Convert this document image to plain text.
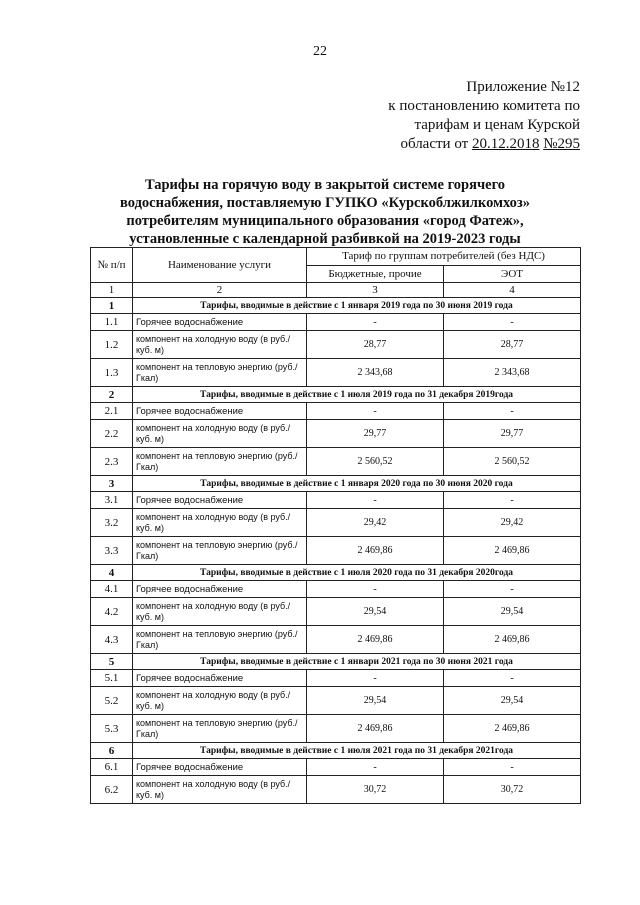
22
Приложение №12
к постановлению комитета по
тарифам и ценам Курской
области от 20.12.2018 №295
Тарифы на горячую воду в закрытой системе горячего
водоснабжения, поставляемую ГУПКО «Курскоблжилкомхоз»
потребителям муниципального образования «город Фатеж»,
установленные с календарной разбивкой на 2019-2023 годы
№ п/п	Наименование услуги	Тариф по группам потребителей (без НДС)	
		Бюджетные, прочие	ЭОТ
1	2	3	4
1	Тарифы, вводимые в действие с 1 января 2019 года по 30 июня 2019 года		
1.1	Горячее водоснабжение	-	-
1.2	компонент на холодную воду (в руб./куб. м)	28,77	28,77
1.3	компонент на тепловую энергию (руб./Гкал)	2 343,68	2 343,68
2	Тарифы, вводимые в действие с 1 июля 2019 года по 31 декабря 2019года		
2.1	Горячее водоснабжение	-	-
2.2	компонент на холодную воду (в руб./куб. м)	29,77	29,77
2.3	компонент на тепловую энергию (руб./Гкал)	2 560,52	2 560,52
3	Тарифы, вводимые в действие с 1 января 2020 года по 30 июня 2020 года		
3.1	Горячее водоснабжение	-	-
3.2	компонент на холодную воду (в руб./куб. м)	29,42	29,42
3.3	компонент на тепловую энергию (руб./Гкал)	2 469,86	2 469,86
4	Тарифы, вводимые в действие с 1 июля 2020 года по 31 декабря 2020года		
4.1	Горячее водоснабжение	-	-
4.2	компонент на холодную воду (в руб./куб. м)	29,54	29,54
4.3	компонент на тепловую энергию (руб./Гкал)	2 469,86	2 469,86
5	Тарифы, вводимые в действие с 1 январи 2021 года по 30 июня 2021 года		
5.1	Горячее водоснабжение	-	-
5.2	компонент на холодную воду (в руб./куб. м)	29,54	29,54
5.3	компонент на тепловую энергию (руб./Гкал)	2 469,86	2 469,86
6	Тарифы, вводимые в действие с 1 июля 2021 года по 31 декабря 2021года		
6.1	Горячее водоснабжение	-	-
6.2	компонент на холодную воду (в руб./куб. м)	30,72	30,72
